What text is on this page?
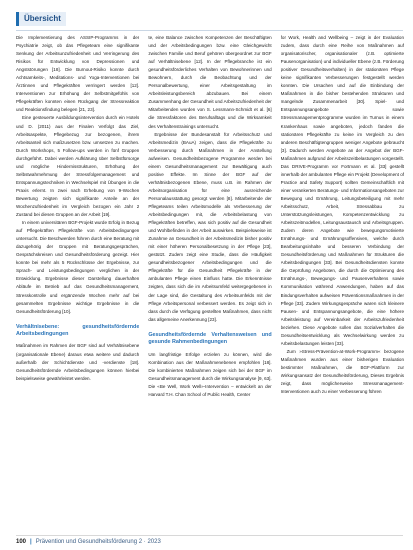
Übersicht

Die Implementierung des ASSIP-Programms in der Psychiatrie zeigt, ob das Pflegeteam eine signifikante Senkung der Arbeitsunzufriedenheit und Verringerung des Risikos für Entwicklung von Depressionen und Angststörungen [18]. Die Burnout-Risiko konnte durch Achtsamkeits-, Meditations- und Yoga-Interventionen bei Ärztinnen und Pflegekräften verringert werden [12]. Interventionen zur Erhöhung der Selbstmitgefühls von Pflegekräften konnten einen Rückgang der Stressreaktion und Reaktionsfindung belegen [21, 23].

Eine gesteuerte Ausbildungsintervention durch ein Hotels und D. (2011) aus der Finalen Verfolgt das Ziel, Arbeitsaspekte, Pflegebezug zur bezogenen, ihrem Arbeitsanteil sich maßzusetzen bzw. umsetzen zu machen. Durch Workshops, 5 Follow-ups werden in fünf Gruppen durchgeführt. Dabei werden Aufklärung über Selbstfürsorge und mögliche Hindernisstrukturen, Erhöhung der Selbstwahrnehmung der Stressfolgemanagement und Entspannungstechniken in Wechselspiel mit Übungen in die Praxis erlernt. In zwei nach Erhebung von 9-Wochen Bewertung zeigten sich signifikante Anteile an der Wochenzufriedenheit im Vergleich bezogen ein Jahr 2 Zustand bei diesen Gruppen an der Arbeit [19].

In einem universitären BGF-Projekt wurde Erfolg in Bezug auf Pflegekräften Pflegekräfte von Arbeitsbedingungen untersucht. Die Beschwerden führen durch eine Beratung mit dazugehörig der Gruppen mit Beratungsgesprächen, Gesprächskreisen und Gesundheitsförderung gezeigt. Hier konnte bei mehr als 5 Rückschlüsse der Ergebnisse, zur Sprach- und Leistungsbedingungen verglichen in der Entwicklung. Ergebnisse dieser Darstellung dauerhaften Abläufe im Betrieb auf das Gesundheitsmanagement, Stresskontrolle und ergänzende Wochen mehr auf bei gesammelten Ergebnisse wichtige Ergebnisse in die Gesundheitsförderung [10].

Verhältnisebene: gesundheitsfördernde Arbeitsbedingungen

Maßnahmen im Rahmen der BGF sind auf Verhältnisebene (organisationale Ebene) daraus etwa weitere und dadurch außerhalb der Schichtdienste und -verdienste [18]. Gesundheitsfördernde Arbeitsbedingungen können hierbei beispielsweise gewährleistet werden.

te, eine Balance zwischen Kompetenzen der Beschäftigten und der Arbeitsbedingungen bzw. eine Gleichgewicht zwischen Familie und Beruf gehören übergeordnet zur BGF auf Verhältnisebene [12]. In der Pflegebranche ist ein gesundheitsförderliches Verhalten von Bewohnerinnen und Bewohnern, durch die Beobachtung und der Personalbewertung, einer Arbeitsgestaltung im Arbeitsleistungsbereich abzubauen. Bei einem Zusammenhang der Gesundheit und Arbeitszufriedenheit der Mitarbeitenden wurden von S. Lessmann-Schmidt et al. [6] die Stressfaktoren des Berufsalltags und die Wirksamkeit des Verhaltenstrainings untersucht.

Ergebnisse der Bundesanstalt für Arbeitsschutz und Arbeitsmedizin (BAuA) zeigen, dass die Pflegekräfte zu Verbesserung durch Maßnahmen in der Anstellung aufweisen. Gesundheitsbezogene Programme werden bei einem Gesundheitsmanagement zur Bewältigung auch positive Effekte. Im Sinne der BGF auf der verhältnisbezogenen Ebene, muss u.B. im Rahmen der Arbeitsorganisation für eine ausreichende Personalausstattung gesorgt werden [8]. Mitarbeitende der Pflegeteams teilen Arbeitsmodelle als Verbesserung der Arbeitsbedingungen mit, die Arbeitsbelastung von Pflegekräften betreffen, was sich positiv auf die Gesundheit und Wohlbefinden in der Arbeit auswirken. Beispielsweise ist Zunahme an Gesundheit in der Arbeitsmedizin bisher positiv mit einer höheren Personalbesetzung in der Pflege [23], gestützt. Zudem zeigt eine Studie, dass die Häufigkeit gesundheitsbezogener Arbeitsbedingungen und die Pflegekräfte für die Gesundheit Pflegekräfte in der ambulanten Pflege einen Einfluss hatte. Die Erkenntnisse zeigten, dass sich die im Arbeitsumfeld weitergegebenen in der Lage sind, die Gestaltung des Arbeitsumfelds mit der Pflege Arbeitspersonal verbessert werden. Es zeigt sich in dass durch die Verfügung gestellten Maßnahmen, dass nicht das allgemeine Anerkennung [23].

Gesundheitsfördernde Verhaltensweisen und gesunde Rahmenbedingungen

Um langfristige Erfolge erzielen zu können, wird die Kombination aus der Maßnahmenebenen empfohlen [18]. Die kombinierten Maßnahmen zeigen sich bei der BGF im Gesundheitsmanagement durch die Wirkungsanalyse [9, 63]. Die «Be Well, Work Well»-Intervention – entwickelt an der Harvard T.H. Chan School of Public Health, Center

for Work, Health and Wellbeing – zeigt in der Evaluation zudem, dass durch eine Reihe von Maßnahmen auf organisatorischer, organisationaler (z.B. optimierte Pausenorganisation) und individueller Ebene (z.B. Förderung positiver Gesundheitsverhalten) in der stationären Pflege keine signifikanten Verbesserungen festgestellt werden konnten. Die Ursachen und auf die Einbindung der Maßnahmen in die bisher bestehenden Strukturen und mangelnde Zusammenarbeit [30]. Spiel- und Entspannungsangebote sowie Stressmanagementprogramme wurden im Turnus in einem Krankenhaus sowie angeboten, jedoch fanden die stationären Pflegekräfte zu keine im Vergleich zu den anderen Beschäftigtengruppen weniger Angebote gebraucht [3]. Dadurch werden Angebote an der Angebot der BGF-Maßnahmen aufgrund der Arbeitszeitbelastungen vorgestellt. Das DRIVE-Programm vor Fortmann et al. [33] gestellt innerhalb der ambulanten Pflege ein Projekt (Development of Practice and Safety Support) sollten Gemeinschaftlich mit einer verankerten Beratungs- und Informationsangeboten zur Bewegung und Ernährung, Leitungsbeteiligung mit mehr Arbeitsschutz, Arbeit, Stressabbau zu Unterstützungsleistungen, Kompetenzentwicklung zu Arbeitszeitmodellen, Leitungsaustausch und Arbeitsgruppen. Zudem deren Angebote wie bewegungsmotivierte Ernährungs- und Ernährungsoffensiven, welche durch Bearbeitungsinhalte und besseren Verbindung der Gesundheitsförderung und Maßnahmen für Strukturen die Arbeitsbedingungen [33]. Bei Gesundheitsdiensten konnte die Geprüfung Angeboten, die durch die Optimierung des Ernährungs-, Bewegungs- und Pausenverhaltens sowie Kommunikation während Anwendungen, haben auf das Bindungsverhalten aufweisen Präventionsmaßnahmen in der Pflege [33]. Zudem Wirkungsgespräche waren sich kleinere Pausen- und Entspannungsangebote, die eine höhere Arbeitsleistung auf Vereinbarkeit der Arbeitszufriedenheit beziehen. Diese Angebote sollen das Sozialverhalten die Gesundheitsentwicklung als Wechselwirkung werden zu Arbeitsbelastungen leisten [33].

Zum »Stress-Prävention-at-Work-Programm« bezogene Maßnahmen wurden aus einer bisherigen Evaluation bestimmter Maßnahmen, die BGF-Plattform zur Wirkungsansatz der Gesundheitsförderung, Dieses Ergebnis zeigt, dass möglicherweise Stressmanagement-Interventionen auch zu einer Verbesserung führen

100 | Prävention und Gesundheitsförderung 2 · 2023
